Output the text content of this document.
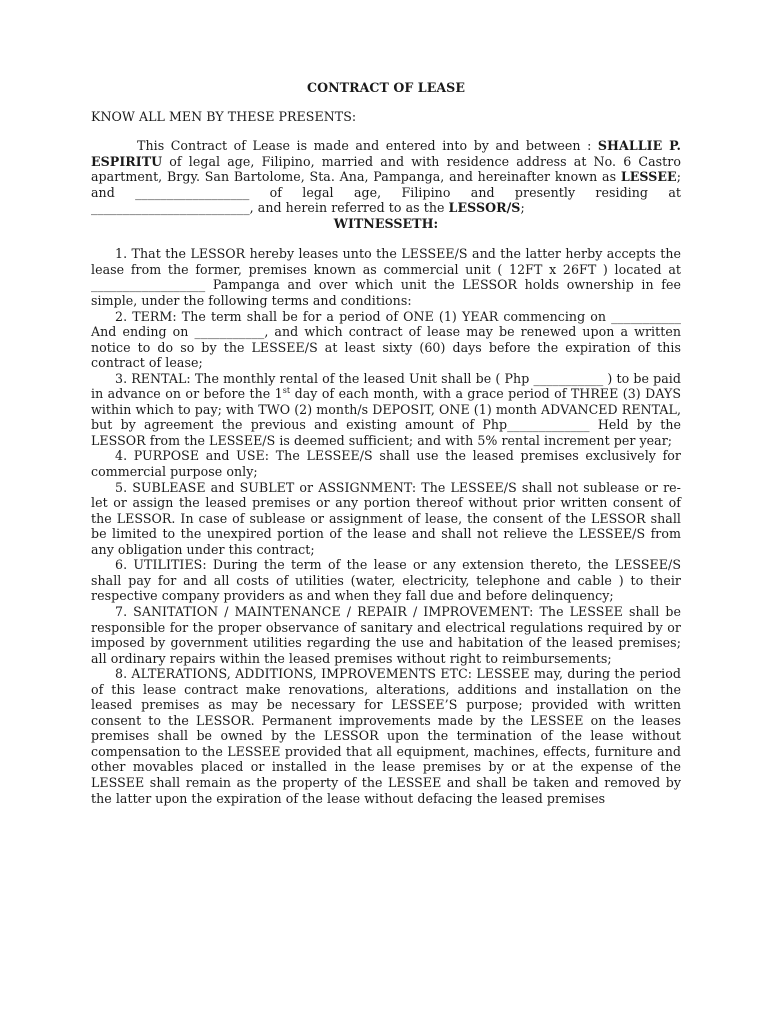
CONTRACT OF LEASE

KNOW ALL MEN BY THESE PRESENTS:

This Contract of Lease is made and entered into by and between : SHALLIE P. ESPIRITU of legal age, Filipino, married and with residence address at No. 6 Castro apartment, Brgy. San Bartolome, Sta. Ana, Pampanga, and hereinafter known as LESSEE; and __________________ of legal age, Filipino and presently residing at _________________________, and herein referred to as the LESSOR/S;

WITNESSETH:

1. That the LESSOR hereby leases unto the LESSEE/S and the latter herby accepts the lease from the former, premises known as commercial unit ( 12FT x 26FT ) located at __________________ Pampanga and over which unit the LESSOR holds ownership in fee simple, under the following terms and conditions:

2. TERM: The term shall be for a period of ONE (1) YEAR commencing on ___________ And ending on ___________, and which contract of lease may be renewed upon a written notice to do so by the LESSEE/S at least sixty (60) days before the expiration of this contract of lease;

3. RENTAL: The monthly rental of the leased Unit shall be ( Php ___________ ) to be paid in advance on or before the 1st day of each month, with a grace period of THREE (3) DAYS within which to pay; with TWO (2) month/s DEPOSIT, ONE (1) month ADVANCED RENTAL, but by agreement the previous and existing amount of Php_____________ Held by the LESSOR from the LESSEE/S is deemed sufficient; and with 5% rental increment per year;

4. PURPOSE and USE: The LESSEE/S shall use the leased premises exclusively for commercial purpose only;

5. SUBLEASE and SUBLET or ASSIGNMENT: The LESSEE/S shall not sublease or re-let or assign the leased premises or any portion thereof without prior written consent of the LESSOR. In case of sublease or assignment of lease, the consent of the LESSOR shall be limited to the unexpired portion of the lease and shall not relieve the LESSEE/S from any obligation under this contract;

6. UTILITIES: During the term of the lease or any extension thereto, the LESSEE/S shall pay for and all costs of utilities (water, electricity, telephone and cable ) to their respective company providers as and when they fall due and before delinquency;

7. SANITATION / MAINTENANCE / REPAIR / IMPROVEMENT: The LESSEE shall be responsible for the proper observance of sanitary and electrical regulations required by or imposed by government utilities regarding the use and habitation of the leased premises; all ordinary repairs within the leased premises without right to reimbursements;

8. ALTERATIONS, ADDITIONS, IMPROVEMENTS ETC: LESSEE may, during the period of this lease contract make renovations, alterations, additions and installation on the leased premises as may be necessary for LESSEE’S purpose; provided with written consent to the LESSOR. Permanent improvements made by the LESSEE on the leases premises shall be owned by the LESSOR upon the termination of the lease without compensation to the LESSEE provided that all equipment, machines, effects, furniture and other movables placed or installed in the lease premises by or at the expense of the LESSEE shall remain as the property of the LESSEE and shall be taken and removed by the latter upon the expiration of the lease without defacing the leased premises
